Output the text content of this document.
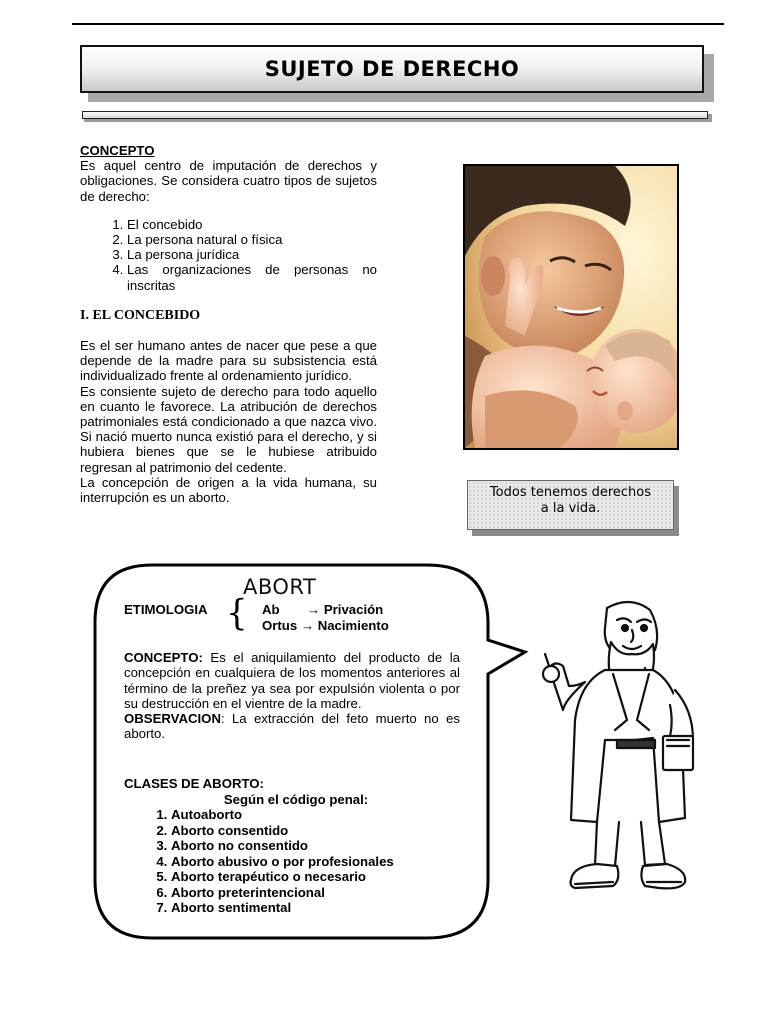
SUJETO DE DERECHO
CONCEPTO

Es aquel centro de imputación de derechos y obligaciones. Se considera cuatro tipos de sujetos de derecho:

1. El concebido
2. La persona natural o física
3. La persona jurídica
4. Las organizaciones de personas no inscritas
I. EL CONCEBIDO

Es el ser humano antes de nacer que pese a que depende de la madre para su subsistencia está individualizado frente al ordenamiento jurídico.

Es consiente sujeto de derecho para todo aquello en cuanto le favorece. La atribución de derechos patrimoniales está condicionado a que nazca vivo. Si nació muerto nunca existió para el derecho, y si hubiera bienes que se le hubiese atribuido regresan al patrimonio del cedente.

La concepción de origen a la vida humana, su interrupción es un aborto.	Todos tenemos derechos
a la vida.
ABORT
ETIMOLOGIA { Ab → Privación
Ortus → Nacimiento

CONCEPTO: Es el aniquilamiento del producto de la concepción en cualquiera de los momentos anteriores al término de la preñez ya sea por expulsión violenta o por su destrucción en el vientre de la madre.

OBSERVACION: La extracción del feto muerto no es aborto.

CLASES DE ABORTO:
Según el código penal:
1. Autoaborto
2. Aborto consentido
3. Aborto no consentido
4. Aborto abusivo o por profesionales
5. Aborto terapéutico o necesario
6. Aborto preterintencional
7. Aborto sentimental
